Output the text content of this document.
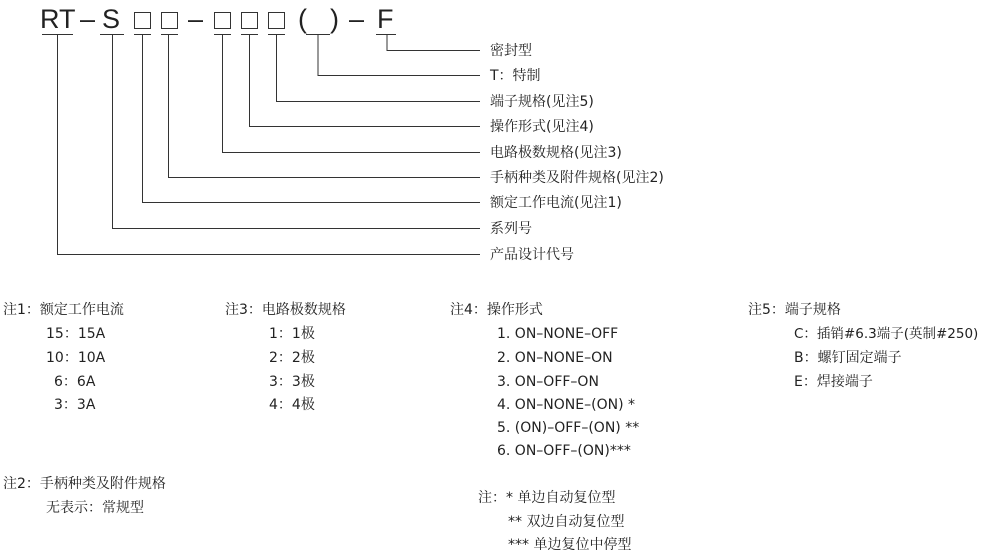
RT – S	–	( ) – F
密封型
T：特制
端子规格(见注5)
操作形式(见注4)
电路极数规格(见注3)
手柄种类及附件规格(见注2)
额定工作电流(见注1)
系列号
产品设计代号
注1：额定工作电流
15：15A
10：10A
6：6A
3：3A
注3：电路极数规格
1：1极
2：2极
3：3极
4：4极
注4：操作形式
1. ON–NONE–OFF
2. ON–NONE–ON
3. ON–OFF–ON
4. ON–NONE–(ON) *
5. (ON)–OFF–(ON) **
6. ON–OFF–(ON)***
注5：端子规格
C：插销#6.3端子(英制#250)
B：螺钉固定端子
E：焊接端子
注2：手柄种类及附件规格
无表示：常规型
注：* 单边自动复位型
** 双边自动复位型
*** 单边复位中停型
